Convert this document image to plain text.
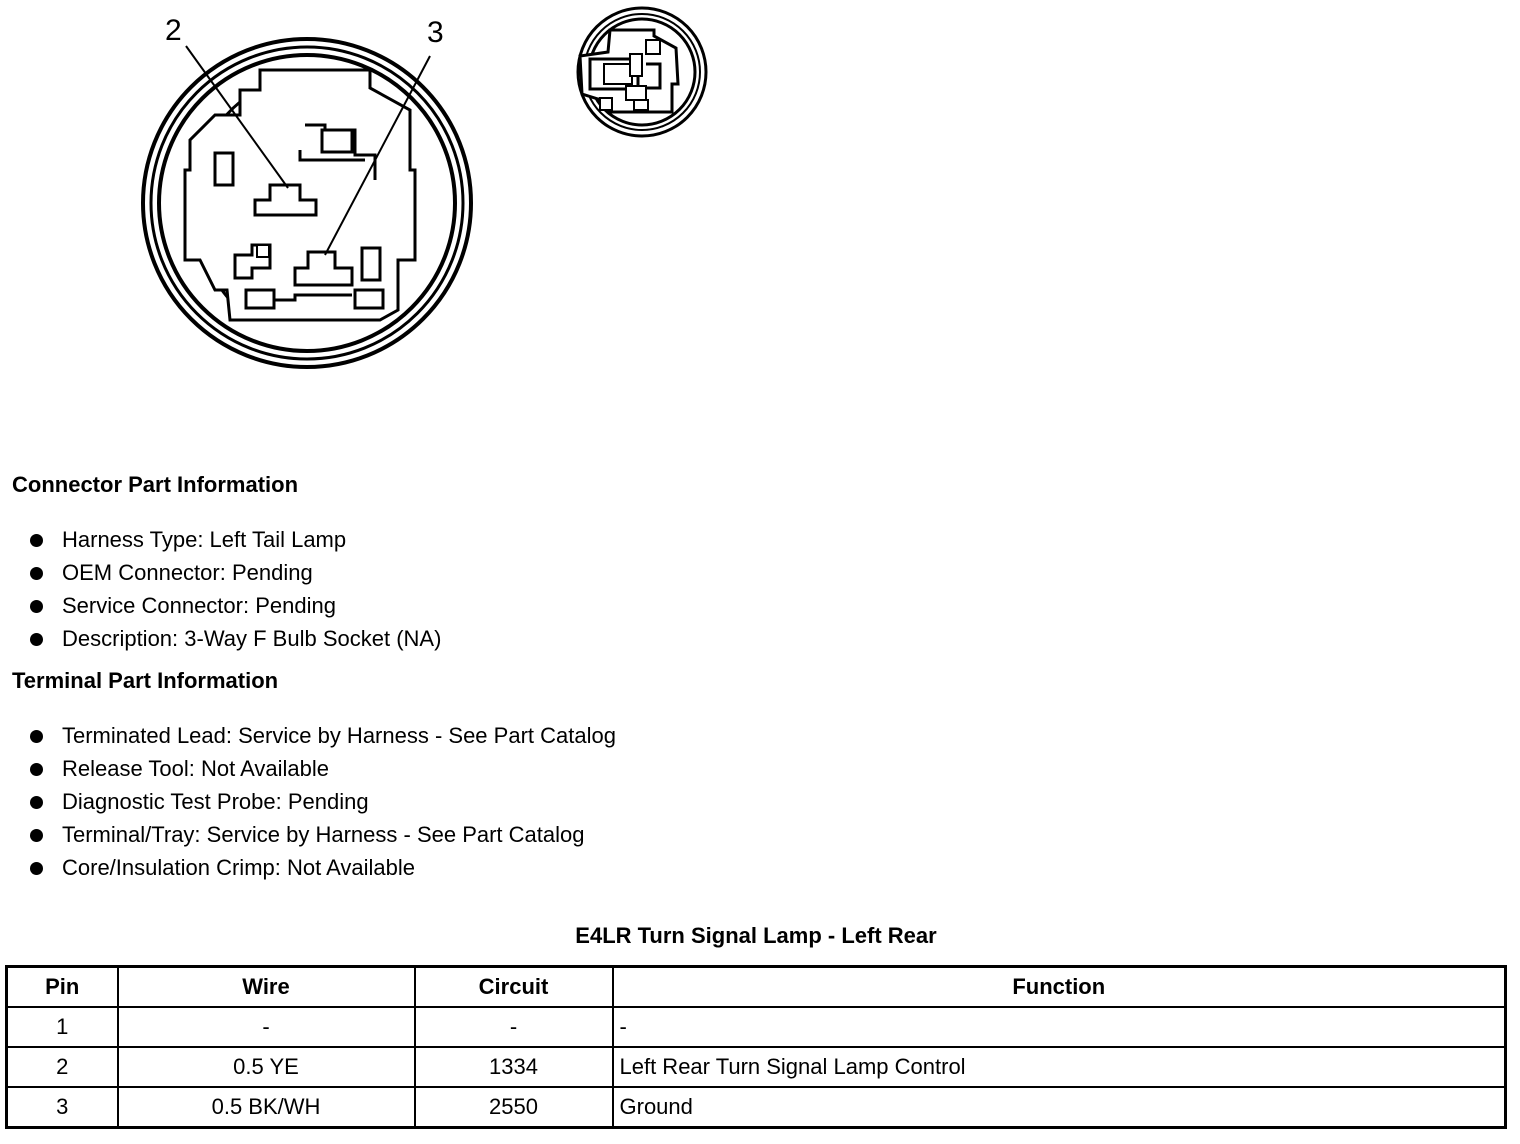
2	3
Connector Part Information
Harness Type: Left Tail Lamp
OEM Connector: Pending
Service Connector: Pending
Description: 3-Way F Bulb Socket (NA)
Terminal Part Information
Terminated Lead: Service by Harness - See Part Catalog
Release Tool: Not Available
Diagnostic Test Probe: Pending
Terminal/Tray: Service by Harness - See Part Catalog
Core/Insulation Crimp: Not Available
E4LR Turn Signal Lamp - Left Rear
Pin	Wire	Circuit	Function
1	-	-	-
2	0.5 YE	1334	Left Rear Turn Signal Lamp Control
3	0.5 BK/WH	2550	Ground
